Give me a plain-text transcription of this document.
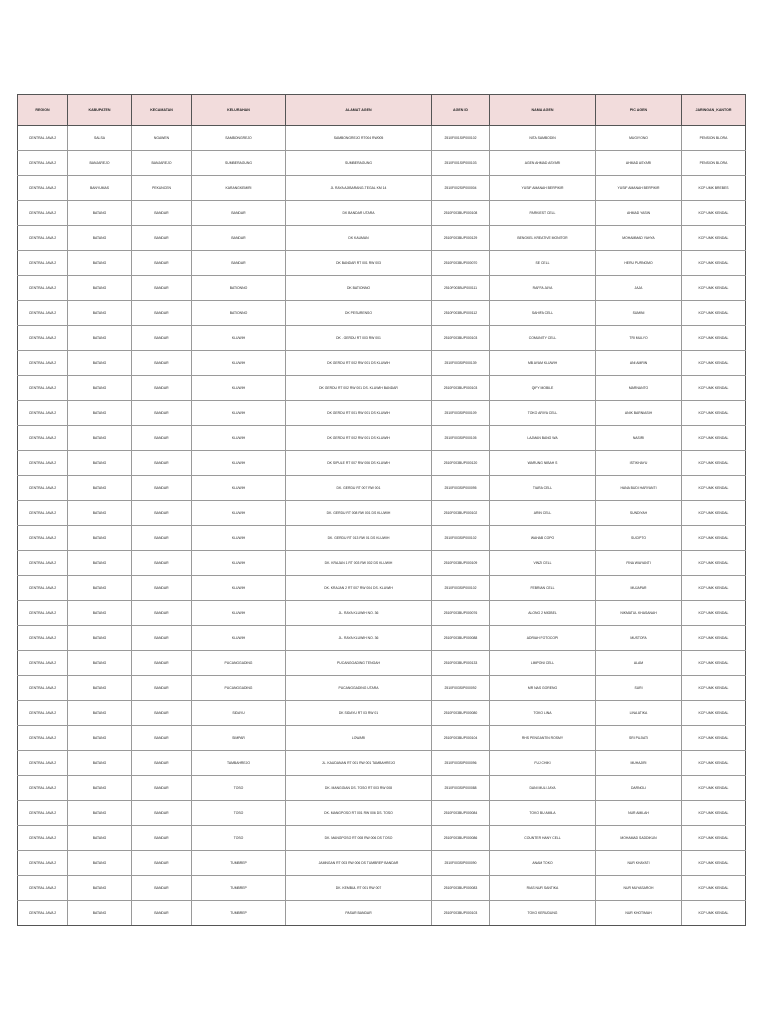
REGION	KABUPATEN	KECAMATAN	KELURAHAN	ALAMAT AGEN	AGEN ID	NAMA AGEN	PIC AGEN	JARINGAN_KANTOR
CENTRAL JAVA 2	SALSA	NGAWEN	SAMBONGREJO	SAMBONGREJO RT004 RW005	2510F001SIP000102	NITA SAMBODIN	MUGIYONO	PENSION BLORA
CENTRAL JAVA 2	BANJAREJO	BANJAREJO	SUMBERAGUNG	SUMBERAGUNG	2510F001SIP000103	AGEN AHMAD ASYARI	AHMAD ASYARI	PENSION BLORA
CENTRAL JAVA 2	BANYUMAS	PEKUNCEN	KARANGKEMIRI	JL RAYA AJIBARANG-TEGAL KM 14	2510F002SIP000004	YUSIF AMANAH BERPIKIR	YUSIF AMANAH BERPIKIR	KCP UMK BREBES
CENTRAL JAVA 2	BATANG	BANDAR	BANDAR	DK BANDAR UTARA	2510F003BUP000108	PARKIEST CELL	AHMAD YASIN	KCP UMK KENDAL
CENTRAL JAVA 2	BATANG	BANDAR	BANDAR	DK KAUMAN	2510F003BUP000129	BENGKEL KREATIVE MONITOR	MOHAMMAD YAHYA	KCP UMK KENDAL
CENTRAL JAVA 2	BATANG	BANDAR	BANDAR	DK BANDAR RT 001 RW 003	2510F003BUP000070	SE CELL	HERU PURNOMO	KCP UMK KENDAL
CENTRAL JAVA 2	BATANG	BANDAR	BATIONNO	DK BATIONNO	2510F003BUP000111	RAFFA JAYA	JAJA	KCP UMK KENDAL
CENTRAL JAVA 2	BATANG	BANDAR	BATIONNO	DK PESURENSO	2510F003BUP000112	SAHIFA CELL	SUMINI	KCP UMK KENDAL
CENTRAL JAVA 2	BATANG	BANDAR	KLUWIH	DK . GERDU RT 003 RW 001	2510F003BUP000103	COMUNITY CELL	TRI MULYO	KCP UMK KENDAL
CENTRAL JAVA 2	BATANG	BANDAR	KLUWIH	DK GERDU RT 002 RW 001 DS KLUWIH	2510F003SIP000139	MB AYAM KLUWIH	ANI AMRIN	KCP UMK KENDAL
CENTRAL JAVA 2	BATANG	BANDAR	KLUWIH	DK GERDU RT 002 RW 001 DS. KLUWIH BANDAR	2510F003BUP000103	QIFY MOBILE	MARNANTO	KCP UMK KENDAL
CENTRAL JAVA 2	BATANG	BANDAR	KLUWIH	DK GERDU RT 001 RW 001 DS KLUWIH	2510F003SIP000109	TOKO ARIYA CELL	ANIK BARNIASIH	KCP UMK KENDAL
CENTRAL JAVA 2	BATANG	BANDAR	KLUWIH	DK GERDU RT 002 RW 001 DS KLUWIH	2510F003SIP000105	LAJMAN BANG WA	NASIRI	KCP UMK KENDAL
CENTRAL JAVA 2	BATANG	BANDAR	KLUWIH	DK SIPULE RT 007 RW 006 DS KLUWIH	2510F003BUP000120	WARUNG NIBAH S	ISTIKHAYU	KCP UMK KENDAL
CENTRAL JAVA 2	BATANG	BANDAR	KLUWIH	DK. GERDU RT 007 RW 001	2510F003SIP000095	TIARA CELL	HANA BUDI HARYANTI	KCP UMK KENDAL
CENTRAL JAVA 2	BATANG	BANDAR	KLUWIH	DK. GERDU RT 008 RW 001 DS KLUWIH	2510F003BUP000102	ARIN CELL	SUNDIYAH	KCP UMK KENDAL
CENTRAL JAVA 2	BATANG	BANDAR	KLUWIH	DK. GERDU RT 013 RW 01 DS KLUWIH	2510F003SIP000102	WAHAB COPO	SUCIPTO	KCP UMK KENDAL
CENTRAL JAVA 2	BATANG	BANDAR	KLUWIH	DK. KRAJAN 1 RT 003 RW 002 DS KLUWIH	2510F003BUP000109	VINZI CELL	FINA WIAYANTI	KCP UMK KENDAL
CENTRAL JAVA 2	BATANG	BANDAR	KLUWIH	DK. KRAJAN 2 RT 007 RW 004 DS. KLUWIH	2510F003SIP000102	FEBRIAN CELL	MUJAPAR	KCP UMK KENDAL
CENTRAL JAVA 2	BATANG	BANDAR	KLUWIH	JL. RAYA KLUWIH NO. 36	2510F003BUP000076	ALONG 2 MIGBEL	NIKMATUL KHASANAH	KCP UMK KENDAL
CENTRAL JAVA 2	BATANG	BANDAR	KLUWIH	JL. RAYA KLUWIH NO. 36	2510F003BUP000088	ADRIAH FOTOCOPI	MUSTOFA	KCP UMK KENDAL
CENTRAL JAVA 2	BATANG	BANDAR	PUCANGGADING	PUCANGGADING TENGAH	2510F003BUP000133	LIMPONI CELL	ALAM	KCP UMK KENDAL
CENTRAL JAVA 2	BATANG	BANDAR	PUCANGGADING	PUCANGGADING UTARA	2510F003SIP000092	MR NAS GORENG	SURI	KCP UMK KENDAL
CENTRAL JAVA 2	BATANG	BANDAR	SIDAYU	DK SIDAYU RT 03 RW 01	2510F003BUP000080	TOKO LINA	LINA ATIKA	KCP UMK KENDAL
CENTRAL JAVA 2	BATANG	BANDAR	SIMPAR	LOWARI	2510F003BUP000104	RHS PENGANTIN ROSMY	SRI PUJIATI	KCP UMK KENDAL
CENTRAL JAVA 2	BATANG	BANDAR	TAMBAHREJO	JL. KAUDANAN RT 001 RW 001 TAMBAHREJO	2510F003SIP000096	FUJ CHIKI	MUHAJIRI	KCP UMK KENDAL
CENTRAL JAVA 2	BATANG	BANDAR	TOSO	DK. MANGGIAN DS. TOSO RT 003 RW 008	2510F003SIP000088	DANI MULI JAYA	DARNOLI	KCP UMK KENDAL
CENTRAL JAVA 2	BATANG	BANDAR	TOSO	DK. MANGPOSO RT 001 RW 006 DS. TOSO	2510F003BUP000084	TOKO BU AMILA	NUR AMILAH	KCP UMK KENDAL
CENTRAL JAVA 2	BATANG	BANDAR	TOSO	DK. MANGPOSO RT 008 RW 006 DS TOSO	2510F003BUP000086	COUNTER HANY CELL	MOHAMAD SADDIKUN	KCP UMK KENDAL
CENTRAL JAVA 2	BATANG	BANDAR	TUMBREP	JAMNGAN RT 003 RW 006 DS TUMBREP BANDAR	2510F003SIP000090	ANAM TOKO	NUR KHAYATI	KCP UMK KENDAL
CENTRAL JAVA 2	BATANG	BANDAR	TUMBREP	DK. KEMBUL RT 001 RW 007	2510F003BUP000083	RIAS NUR SANTIKA	NUR MUYASAROH	KCP UMK KENDAL
CENTRAL JAVA 2	BATANG	BANDAR	TUMBREP	PASAR BANDAR	2510F003BUP000103	TOKO KERUDUNG	NUR KHOTIMAH	KCP UMK KENDAL
